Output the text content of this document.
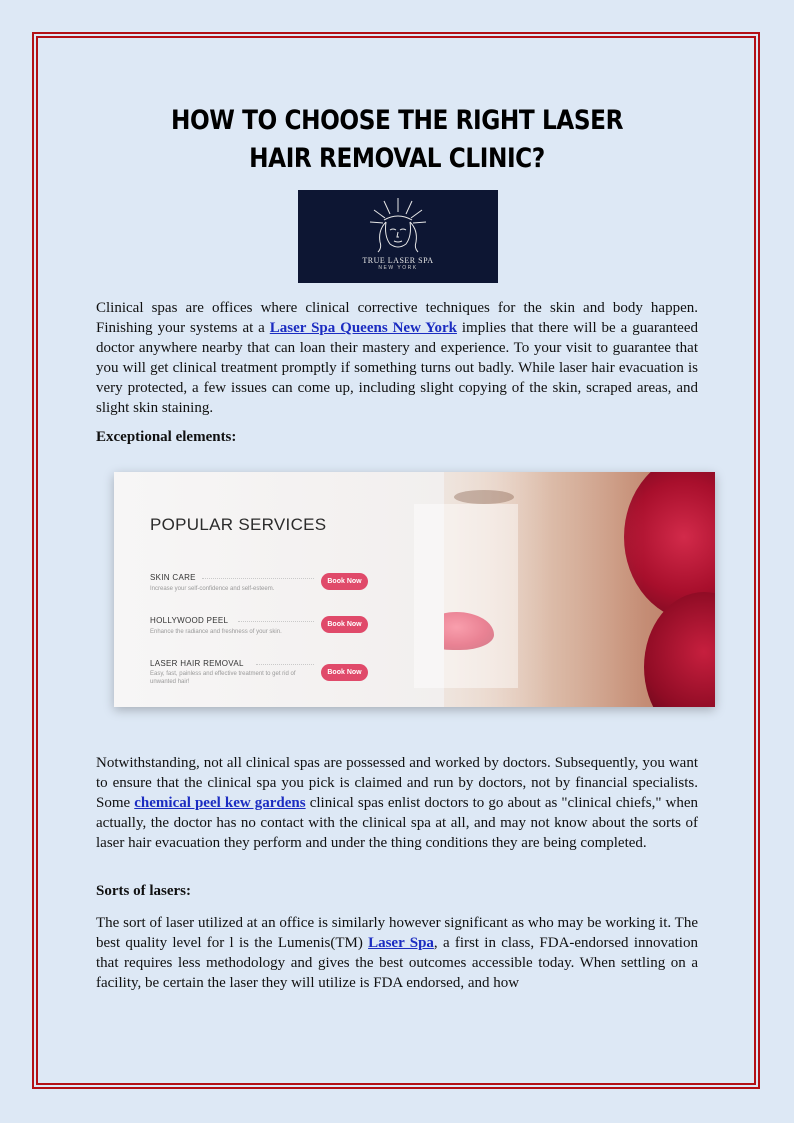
HOW TO CHOOSE THE RIGHT LASER HAIR REMOVAL CLINIC?
TRUE LASER SPA
NEW YORK
Clinical spas are offices where clinical corrective techniques for the skin and body happen. Finishing your systems at a Laser Spa Queens New York implies that there will be a guaranteed doctor anywhere nearby that can loan their mastery and experience. To your visit to guarantee that you will get clinical treatment promptly if something turns out badly. While laser hair evacuation is very protected, a few issues can come up, including slight copying of the skin, scraped areas, and slight skin staining.
Exceptional elements:
POPULAR SERVICES
SKIN CARE
Increase your self-confidence and self-esteem.
Book Now
HOLLYWOOD PEEL
Enhance the radiance and freshness of your skin.
Book Now
LASER HAIR REMOVAL
Easy, fast, painless and effective treatment to get rid of unwanted hair!
Book Now
Notwithstanding, not all clinical spas are possessed and worked by doctors. Subsequently, you want to ensure that the clinical spa you pick is claimed and run by doctors, not by financial specialists. Some chemical peel kew gardens clinical spas enlist doctors to go about as "clinical chiefs," when actually, the doctor has no contact with the clinical spa at all, and may not know about the sorts of laser hair evacuation they perform and under the thing conditions they are being completed.
Sorts of lasers:
The sort of laser utilized at an office is similarly however significant as who may be working it. The best quality level for l is the Lumenis(TM) Laser Spa, a first in class, FDA-endorsed innovation that requires less methodology and gives the best outcomes accessible today. When settling on a facility, be certain the laser they will utilize is FDA endorsed, and how
